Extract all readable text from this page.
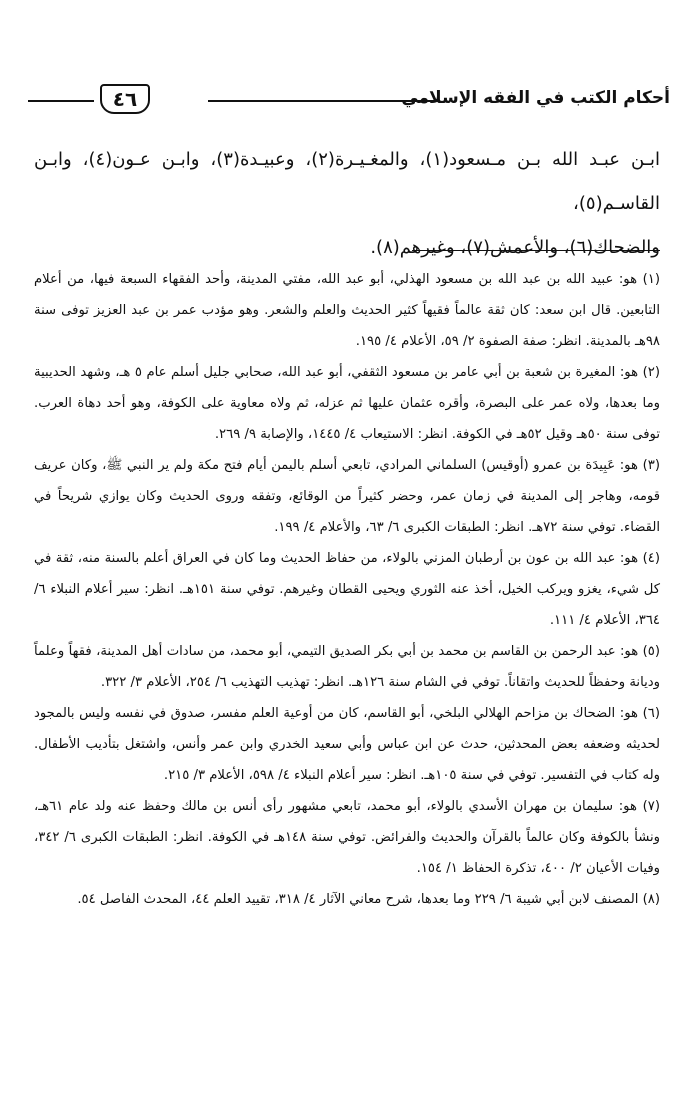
أحكام الكتب في الفقه الإسلامي
٤٦
ابـن عبـد الله بـن مـسعود(١)، والمغـيـرة(٢)، وعبيـدة(٣)، وابـن عـون(٤)، وابـن القاسـم(٥)،
والضحاك(٦)، والأعمش(٧)، وغيرهم(٨).

(١) هو: عبيد الله بن عبد الله بن مسعود الهذلي، أبو عبد الله، مفتي المدينة، وأحد الفقهاء السبعة فيها، من أعلام التابعين. قال ابن سعد: كان ثقة عالماً فقيهاً كثير الحديث والعلم والشعر. وهو مؤدب عمر بن عبد العزيز توفى سنة ٩٨هـ بالمدينة. انظر: صفة الصفوة ٢/ ٥٩، الأعلام ٤/ ١٩٥.

(٢) هو: المغيرة بن شعبة بن أبي عامر بن مسعود الثقفي، أبو عبد الله، صحابي جليل أسلم عام ٥ هـ، وشهد الحديبية وما بعدها، ولاه عمر على البصرة، وأقره عثمان عليها ثم عزله، ثم ولاه معاوية على الكوفة، وهو أحد دهاة العرب. توفى سنة ٥٠هـ وقيل ٥٢هـ في الكوفة. انظر: الاستيعاب ٤/ ١٤٤٥، والإصابة ٩/ ٢٦٩.

(٣) هو: عَبِيدَة بن عمرو (أوقيس) السلماني المرادي، تابعي أسلم باليمن أيام فتح مكة ولم ير النبي ﷺ، وكان عريف قومه، وهاجر إلى المدينة في زمان عمر، وحضر كثيراً من الوقائع، وتفقه وروى الحديث وكان يوازي شريحاً في القضاء. توفي سنة ٧٢هـ. انظر: الطبقات الكبرى ٦/ ٦٣، والأعلام ٤/ ١٩٩.

(٤) هو: عبد الله بن عون بن أرطبان المزني بالولاء، من حفاظ الحديث وما كان في العراق أعلم بالسنة منه، ثقة في كل شيء، يغزو ويركب الخيل، أخذ عنه الثوري ويحيى القطان وغيرهم. توفي سنة ١٥١هـ. انظر: سير أعلام النبلاء ٦/ ٣٦٤، الأعلام ٤/ ١١١.

(٥) هو: عبد الرحمن بن القاسم بن محمد بن أبي بكر الصديق التيمي، أبو محمد، من سادات أهل المدينة، فقهاً وعلماً وديانة وحفظاً للحديث واتقاناً. توفي في الشام سنة ١٢٦هـ. انظر: تهذيب التهذيب ٦/ ٢٥٤، الأعلام ٣/ ٣٢٢.

(٦) هو: الضحاك بن مزاحم الهلالي البلخي، أبو القاسم، كان من أوعية العلم مفسر، صدوق في نفسه وليس بالمجود لحديثه وضعفه بعض المحدثين، حدث عن ابن عباس وأبي سعيد الخدري وابن عمر وأنس، واشتغل بتأديب الأطفال. وله كتاب في التفسير. توفي في سنة ١٠٥هـ. انظر: سير أعلام النبلاء ٤/ ٥٩٨، الأعلام ٣/ ٢١٥.

(٧) هو: سليمان بن مهران الأسدي بالولاء، أبو محمد، تابعي مشهور رأى أنس بن مالك وحفظ عنه ولد عام ٦١هـ، ونشأ بالكوفة وكان عالماً بالقرآن والحديث والفرائض. توفي سنة ١٤٨هـ في الكوفة. انظر: الطبقات الكبرى ٦/ ٣٤٢، وفيات الأعيان ٢/ ٤٠٠، تذكرة الحفاظ ١/ ١٥٤.

(٨) المصنف لابن أبي شيبة ٦/ ٢٢٩ وما بعدها، شرح معاني الآثار ٤/ ٣١٨، تقييد العلم ٤٤، المحدث الفاصل ٥٤.
